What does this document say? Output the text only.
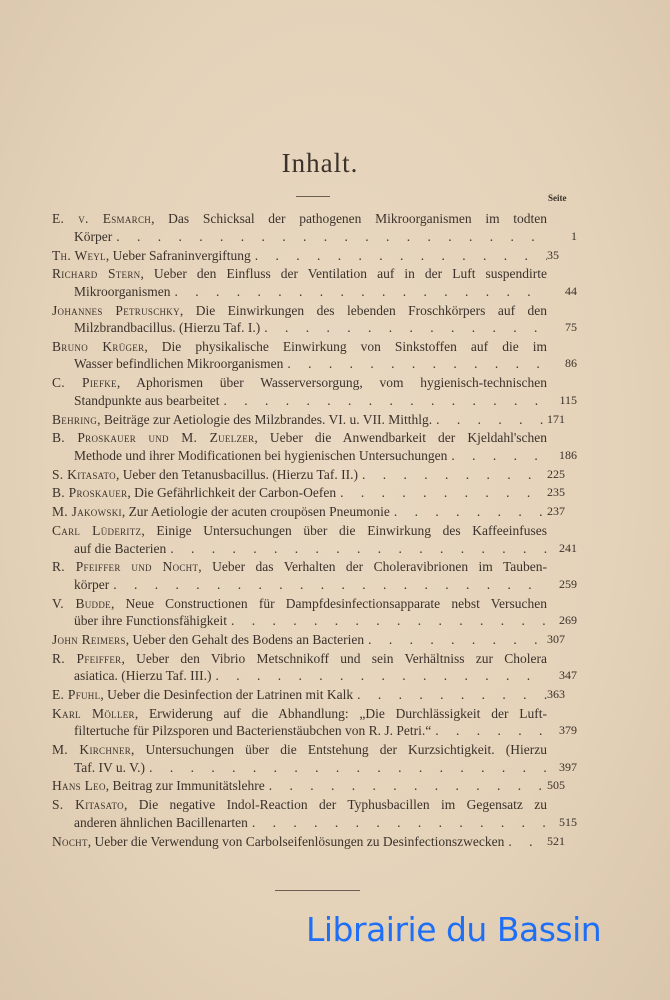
Inhalt.
Seite
E. v. Esmarch, Das Schicksal der pathogenen Mikroorganismen im todten
Körper . . .	1
Th. Weyl, Ueber Safraninvergiftung . . .	35
Richard Stern, Ueber den Einfluss der Ventilation auf in der Luft suspendirte
Mikroorganismen . . .	44
Johannes Petruschky, Die Einwirkungen des lebenden Froschkörpers auf den
Milzbrandbacillus. (Hierzu Taf. I.) . . .	75
Bruno Krüger, Die physikalische Einwirkung von Sinkstoffen auf die im
Wasser befindlichen Mikroorganismen . . .	86
C. Piefke, Aphorismen über Wasserversorgung, vom hygienisch-technischen
Standpunkte aus bearbeitet . . .	115
Behring, Beiträge zur Aetiologie des Milzbrandes. VI. u. VII. Mitthlg. . . .	171
B. Proskauer und M. Zuelzer, Ueber die Anwendbarkeit der Kjeldahl'schen
Methode und ihrer Modificationen bei hygienischen Untersuchungen . . .	186
S. Kitasato, Ueber den Tetanusbacillus. (Hierzu Taf. II.) . . .	225
B. Proskauer, Die Gefährlichkeit der Carbon-Oefen . . .	235
M. Jakowski, Zur Aetiologie der acuten croupösen Pneumonie . . .	237
Carl Lüderitz, Einige Untersuchungen über die Einwirkung des Kaffeeinfuses
auf die Bacterien . . .	241
R. Pfeiffer und Nocht, Ueber das Verhalten der Choleravibrionen im Tauben-
körper . . .	259
V. Budde, Neue Constructionen für Dampfdesinfectionsapparate nebst Versuchen
über ihre Functionsfähigkeit . . .	269
John Reimers, Ueber den Gehalt des Bodens an Bacterien . . .	307
R. Pfeiffer, Ueber den Vibrio Metschnikoff und sein Verhältniss zur Cholera
asiatica. (Hierzu Taf. III.) . . .	347
E. Pfuhl, Ueber die Desinfection der Latrinen mit Kalk . . .	363
Karl Möller, Erwiderung auf die Abhandlung: „Die Durchlässigkeit der Luft-
filtertuche für Pilzsporen und Bacterienstäubchen von R. J. Petri.“ . . .	379
M. Kirchner, Untersuchungen über die Entstehung der Kurzsichtigkeit. (Hierzu
Taf. IV u. V.) . . .	397
Hans Leo, Beitrag zur Immunitätslehre . . .	505
S. Kitasato, Die negative Indol-Reaction der Typhusbacillen im Gegensatz zu
anderen ähnlichen Bacillenarten . . .	515
Nocht, Ueber die Verwendung von Carbolseifenlösungen zu Desinfectionszwecken . . .	521
Librairie du Bassin
